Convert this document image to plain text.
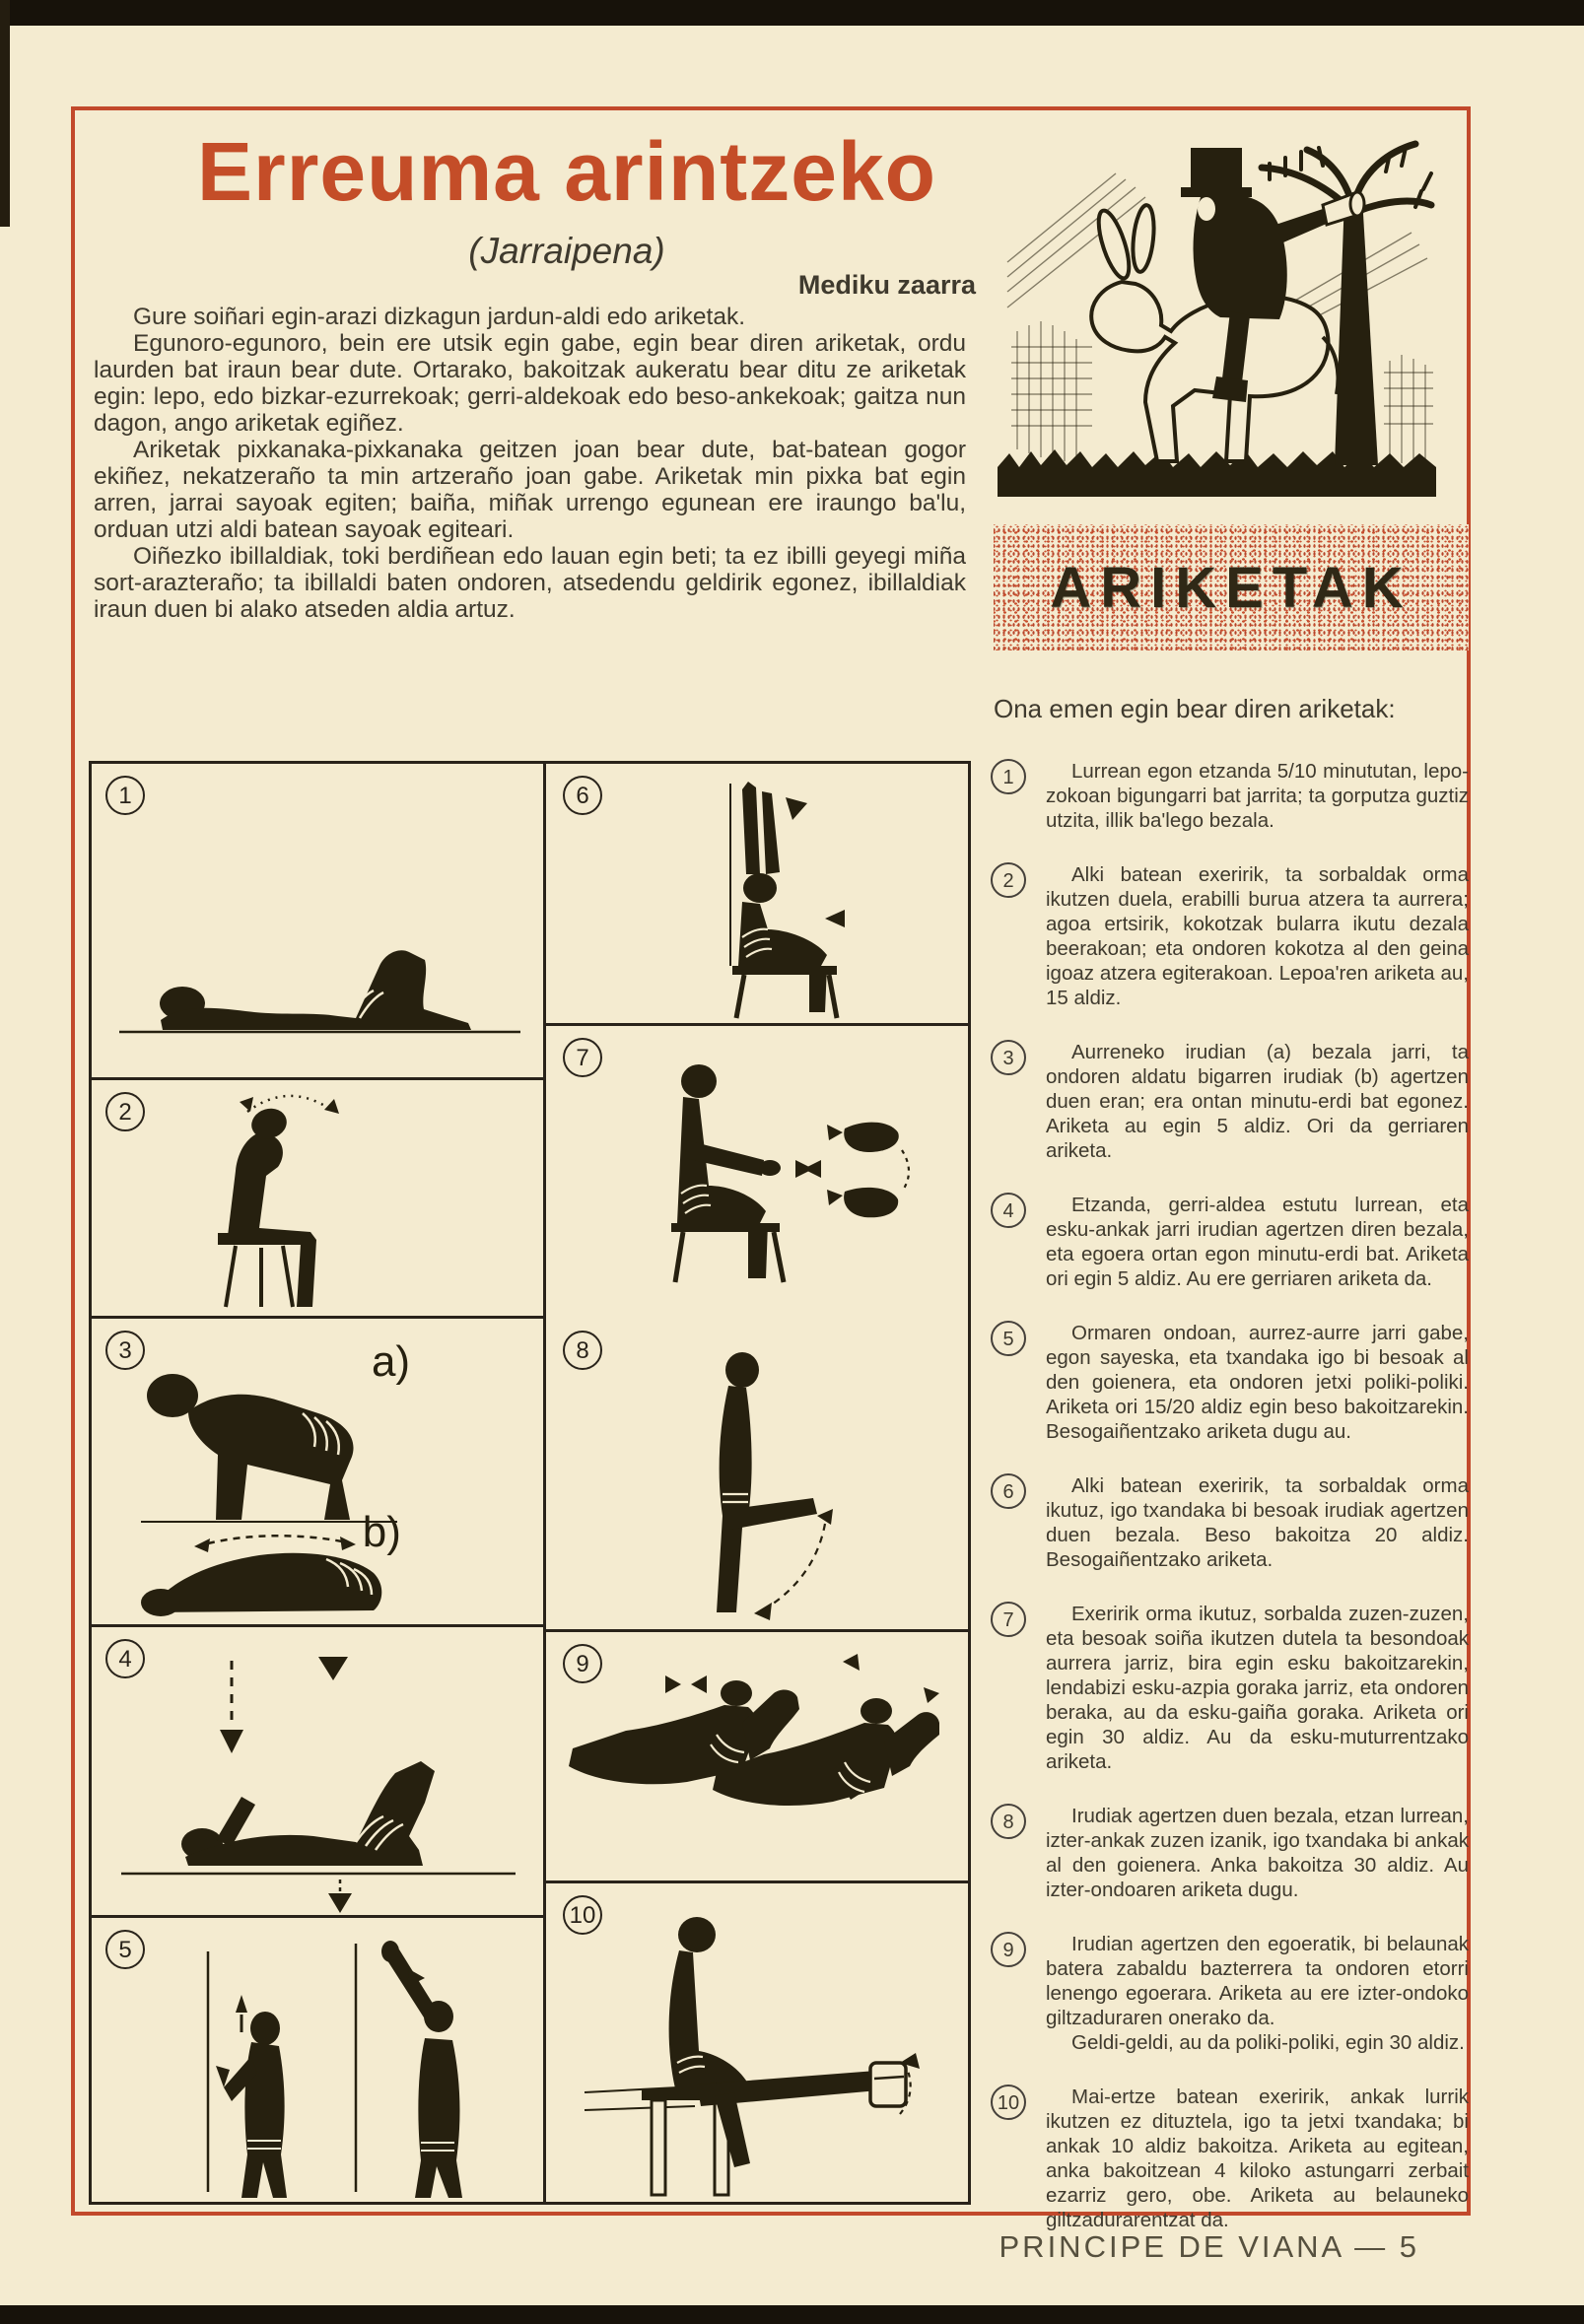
Erreuma arintzeko
(Jarraipena)
Mediku zaarra

Gure soiñari egin-arazi dizkagun jardun-aldi edo ariketak.

Egunoro-egunoro, bein ere utsik egin gabe, egin bear diren ariketak, ordu laurden bat iraun bear dute. Ortarako, bakoitzak aukeratu bear ditu ze ariketak egin: lepo, edo bizkar-ezurrekoak; gerri-aldekoak edo beso-ankekoak; gaitza nun dagon, ango ariketak egiñez.

Ariketak pixkanaka-pixkanaka geitzen joan bear dute, bat-batean gogor ekiñez, nekatzeraño ta min artzeraño joan gabe. Ariketak min pixka bat egin arren, jarrai sayoak egiten; baiña, miñak urrengo egunean ere iraungo ba'lu, orduan utzi aldi batean sayoak egiteari.

Oiñezko ibillaldiak, toki berdiñean edo lauan egin beti; ta ez ibilli geyegi miña sort-arazteraño; ta ibillaldi baten ondoren, atsedendu geldirik egonez, ibillaldiak iraun duen bi alako atseden aldia artuz.	ARIKETAK
Ona emen egin bear diren ariketak:
1	Lurrean egon etzanda 5/10 minututan, lepo-zokoan bigungarri bat jarrita; ta gorputza guztiz utzita, illik ba'lego bezala.

2	Alki batean exeririk, ta sorbaldak orma ikutzen duela, erabilli burua atzera ta aurrera; agoa ertsirik, kokotzak bularra ikutu dezala beerakoan; eta ondoren kokotza al den geina igoaz atzera egiterakoan. Lepoa'ren ariketa au, 15 aldiz.

3	Aurreneko irudian (a) bezala jarri, ta ondoren aldatu bigarren irudiak (b) agertzen duen eran; era ontan minutu-erdi bat egonez. Ariketa au egin 5 aldiz. Ori da gerriaren ariketa.

4	Etzanda, gerri-aldea estutu lurrean, eta esku-ankak jarri irudian agertzen diren bezala, eta egoera ortan egon minutu-erdi bat. Ariketa ori egin 5 aldiz. Au ere gerriaren ariketa da.

5	Ormaren ondoan, aurrez-aurre jarri gabe, egon sayeska, eta txandaka igo bi besoak al den goienera, eta ondoren jetxi poliki-poliki. Ariketa ori 15/20 aldiz egin beso bakoitzarekin. Besogaiñentzako ariketa dugu au.

6	Alki batean exeririk, ta sorbaldak orma ikutuz, igo txandaka bi besoak irudiak agertzen duen bezala. Beso bakoitza 20 aldiz. Besogaiñentzako ariketa.

7	Exeririk orma ikutuz, sorbalda zuzen-zuzen, eta besoak soiña ikutzen dutela ta besondoak aurrera jarriz, bira egin esku bakoitzarekin, lendabizi esku-azpia goraka jarriz, eta ondoren beraka, au da esku-gaiña goraka. Ariketa ori egin 30 aldiz. Au da esku-muturrentzako ariketa.

8	Irudiak agertzen duen bezala, etzan lurrean, izter-ankak zuzen izanik, igo txandaka bi ankak al den goienera. Anka bakoitza 30 aldiz. Au izter-ondoaren ariketa dugu.

9	Irudian agertzen den egoeratik, bi belaunak batera zabaldu bazterrera ta ondoren etorri lenengo egoerara. Ariketa au ere izter-ondoko giltzaduraren onerako da.

Geldi-geldi, au da poliki-poliki, egin 30 aldiz.

10	Mai-ertze batean exeririk, ankak lurrik ikutzen ez dituztela, igo ta jetxi txandaka; bi ankak 10 aldiz bakoitza. Ariketa au egitean, anka bakoitzean 4 kiloko astungarri zerbait ezarriz gero, obe. Ariketa au belauneko giltzadurarentzat da.

1
2
3	a)
b)
4
5
6
7
8
9
10
PRINCIPE DE VIANA — 5
